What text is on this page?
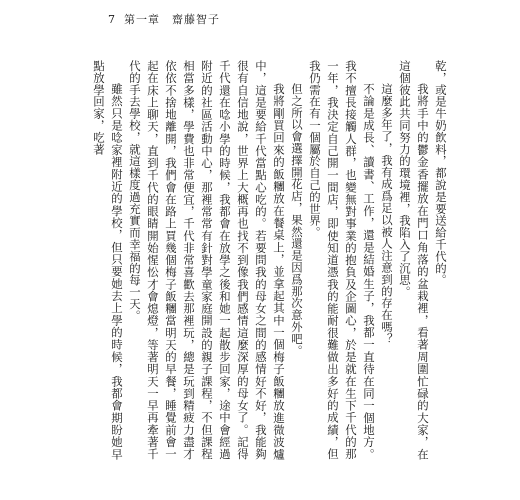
7 第一章　齋藤智子

乾，或是牛奶飲料，都說是要送給千代的。

我將手中的鬱金香擺放在門口角落的盆栽裡，看著周圍忙碌的大家，在這個彼此共同努力的環境裡，我陷入了沉思。

這麼多年了，我有成爲足以被人注意到的存在嗎？

不論是成長、讀書、工作，還是結婚生子，我都一直待在同一個地方。我不擅長接觸人群，也變無對事業的抱負及企圖心，於是就在生下千代的那一年，我決定自己開一間店，即使知道憑我的能耐很難做出多好的成績，但我仍需在有一個屬於自己的世界。

但之所以會選擇開花店，果然還是因爲那次意外吧。

我將剛買回來的飯糰放在餐桌上，並拿起其中一個梅子飯糰放進微波爐中，這是要給千代當點心吃的。若要問我的母女之間的感情好不好，我能夠很有自信地說，世界上大概再也找不到像我們感情這麼深厚的母女了。記得千代還在唸小學的時候，我都會在放學之後和她一起散步回家，途中會經過附近的社區活動中心，那裡常常有針對學童家庭開設的親子課程，不但課程相當多樣，學費也非常便宜，千代非常喜歡去那裡玩，總是玩到精疲力盡才依依不捨地離開，我們會在路上買幾個梅子飯糰當明天的早餐，睡覺前會一起在床上聊天，直到千代的眼睛開始惺忪才會熄燈，等著明天一早再牽著千代的手去學校，就這樣度過充實而幸福的每一天。

雖然只是唸家裡附近的學校，但只要她去上學的時候，我都會期盼她早點放學回家，吃著
